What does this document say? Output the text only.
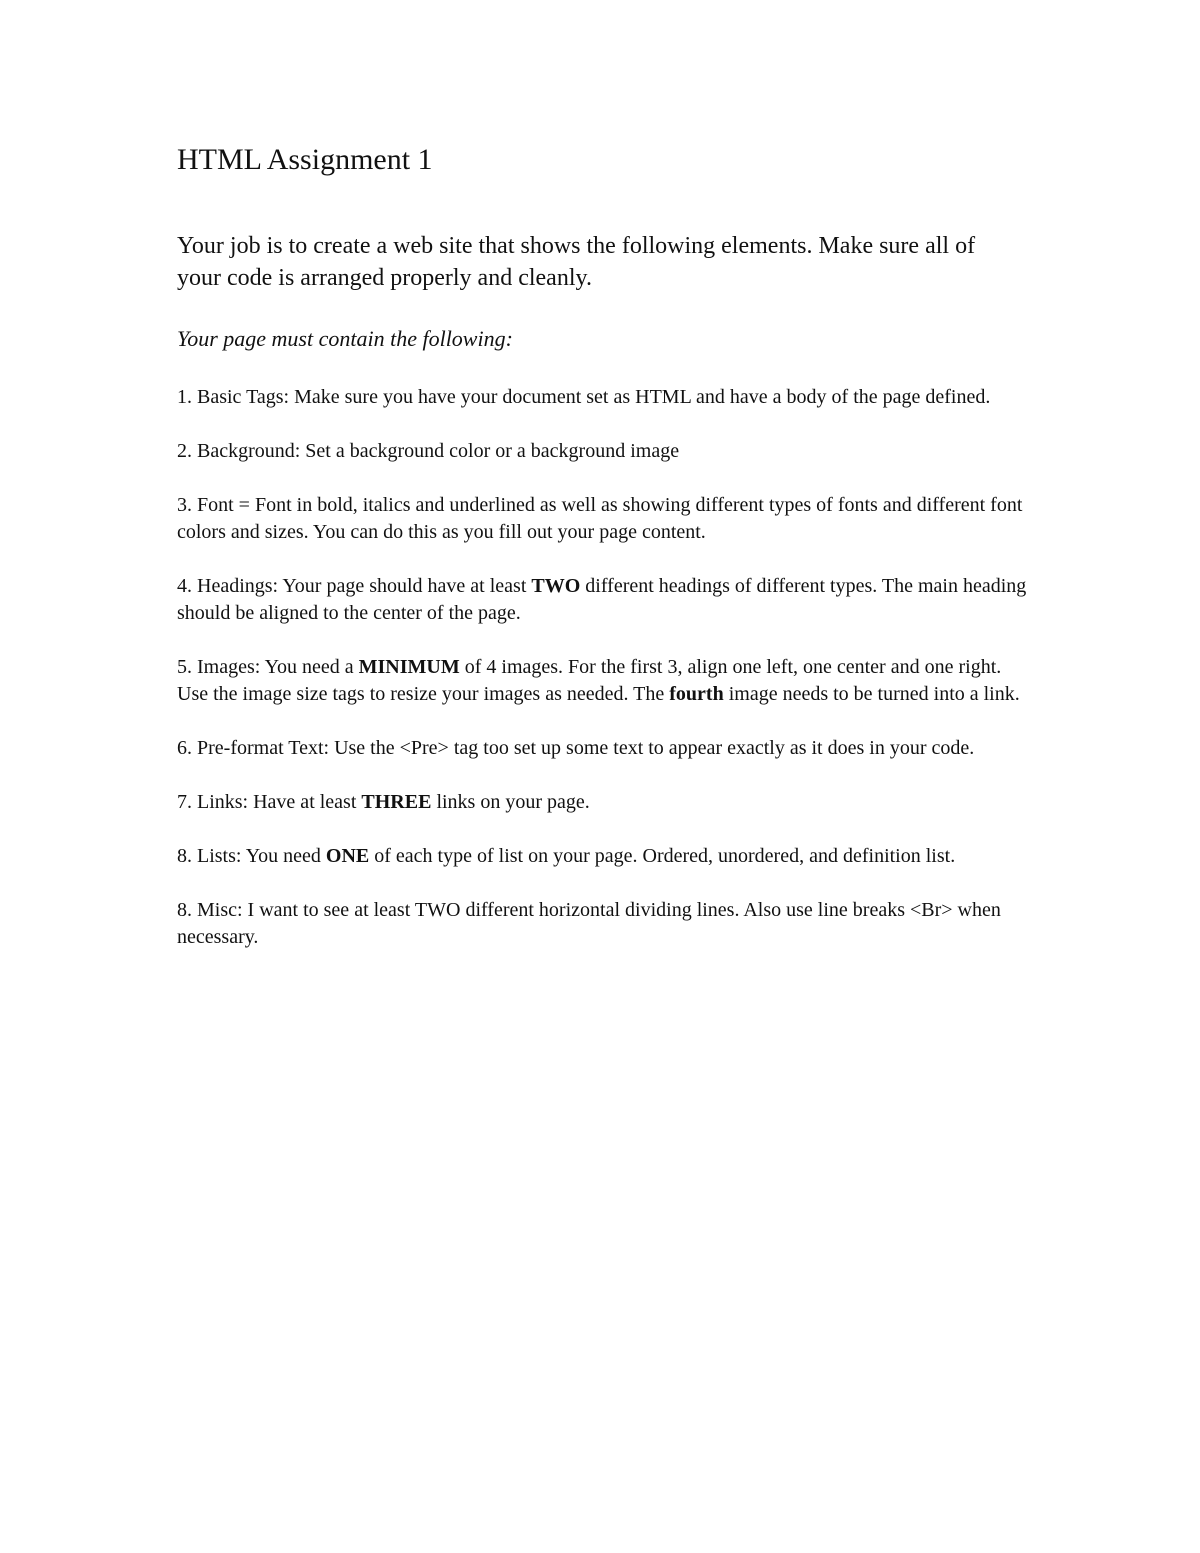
HTML Assignment 1

Your job is to create a web site that shows the following elements. Make sure all of your code is arranged properly and cleanly.

Your page must contain the following:

1. Basic Tags: Make sure you have your document set as HTML and have a body of the page defined.

2. Background: Set a background color or a background image

3. Font = Font in bold, italics and underlined as well as showing different types of fonts and different font colors and sizes. You can do this as you fill out your page content.

4. Headings: Your page should have at least TWO different headings of different types. The main heading should be aligned to the center of the page.

5. Images: You need a MINIMUM of 4 images. For the first 3, align one left, one center and one right. Use the image size tags to resize your images as needed. The fourth image needs to be turned into a link.

6. Pre-format Text: Use the <Pre> tag too set up some text to appear exactly as it does in your code.

7. Links: Have at least THREE links on your page.

8. Lists: You need ONE of each type of list on your page. Ordered, unordered, and definition list.

8. Misc: I want to see at least TWO different horizontal dividing lines. Also use line breaks <Br> when necessary.
